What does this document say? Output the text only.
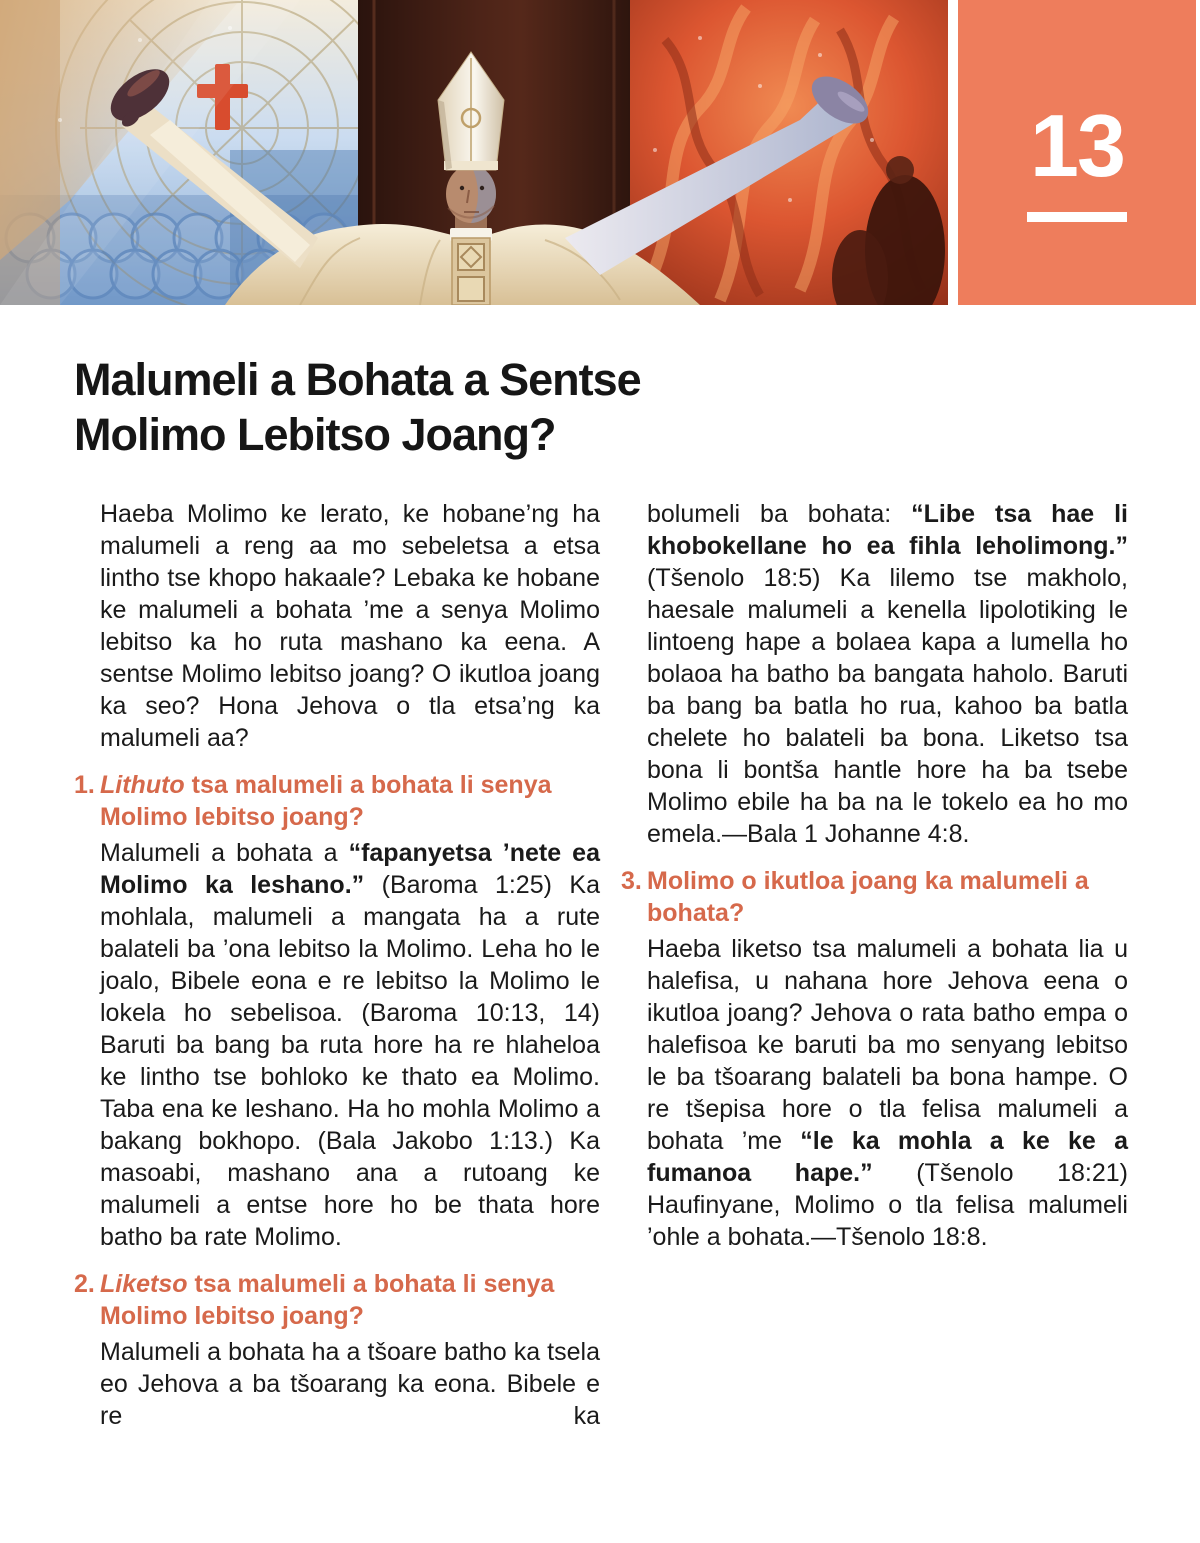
13
Malumeli a Bohata a Sentse
Molimo Lebitso Joang?

Haeba Molimo ke lerato, ke hobane’ng ha malumeli a reng aa mo sebeletsa a etsa lintho tse khopo hakaale? Lebaka ke hobane ke malumeli a bohata ’me a senya Molimo lebitso ka ho ruta mashano ka eena. A sentse Molimo lebitso joang? O ikutloa joang ka seo? Hona Jehova o tla etsa’ng ka malumeli aa?

1. Lithuto tsa malumeli a bohata li senya Molimo lebitso joang?

Malumeli a bohata a “fapanyetsa ’nete ea Molimo ka leshano.” (Baroma 1:25) Ka mohlala, malumeli a mangata ha a rute balateli ba ’ona lebitso la Molimo. Leha ho le joalo, Bibele eona e re lebitso la Molimo le lokela ho sebelisoa. (Baroma 10:13, 14) Baruti ba bang ba ruta hore ha re hlaheloa ke lintho tse bohloko ke thato ea Molimo. Taba ena ke leshano. Ha ho mohla Molimo a bakang bokhopo. (Bala Jakobo 1:13.) Ka masoabi, mashano ana a rutoang ke malumeli a entse hore ho be thata hore batho ba rate Molimo.

2. Liketso tsa malumeli a bohata li senya Molimo lebitso joang?

Malumeli a bohata ha a tšoare batho ka tsela eo Jehova a ba tšoarang ka eona. Bibele e re ka

bolumeli ba bohata: “Libe tsa hae li khobokellane ho ea fihla leholimong.” (Tšenolo 18:5) Ka lilemo tse makholo, haesale malumeli a kenella lipolotiking le lintoeng hape a bolaea kapa a lumella ho bolaoa ha batho ba bangata haholo. Baruti ba bang ba batla ho rua, kahoo ba batla chelete ho balateli ba bona. Liketso tsa bona li bontša hantle hore ha ba tsebe Molimo ebile ha ba na le tokelo ea ho mo emela.—Bala 1 Johanne 4:8.

3. Molimo o ikutloa joang ka malumeli a bohata?

Haeba liketso tsa malumeli a bohata lia u halefisa, u nahana hore Jehova eena o ikutloa joang? Jehova o rata batho empa o halefisoa ke baruti ba mo senyang lebitso le ba tšoarang balateli ba bona hampe. O re tšepisa hore o tla felisa malumeli a bohata ’me “le ka mohla a ke ke a fumanoa hape.” (Tšenolo 18:21) Haufinyane, Molimo o tla felisa malumeli ’ohle a bohata.—Tšenolo 18:8.
